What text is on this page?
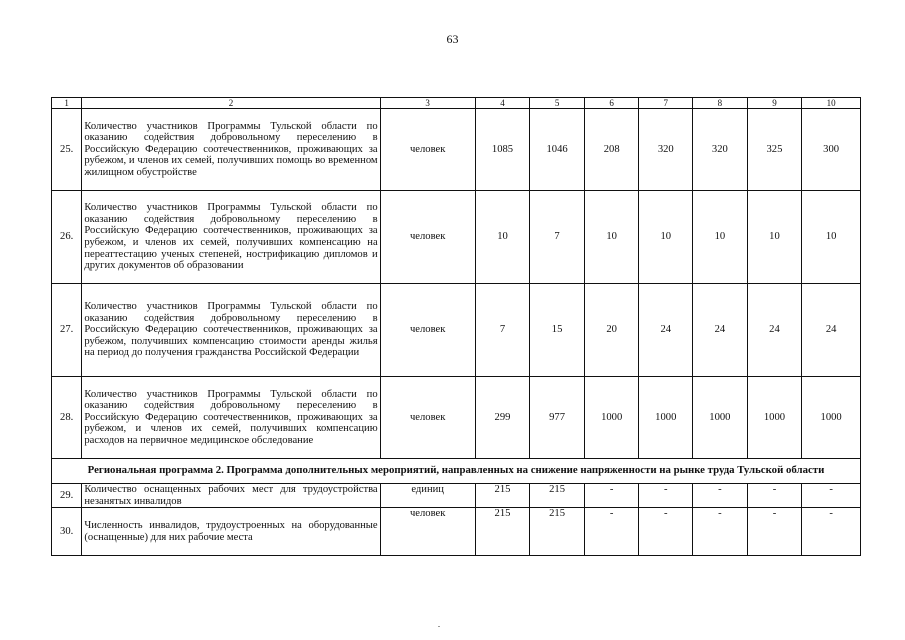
63
1	2	3	4	5	6	7	8	9	10
25.	Количество участников Программы Тульской области по оказанию содействия добровольному переселению в Российскую Федерацию соотечественников, проживающих за рубежом, и членов их семей, получивших помощь во временном жилищном обустройстве	человек	1085	1046	208	320	320	325	300
26.	Количество участников Программы Тульской области по оказанию содействия добровольному переселению в Российскую Федерацию соотечественников, проживающих за рубежом, и членов их семей, получивших компенсацию на переаттестацию ученых степеней, нострификацию дипломов и других документов об образовании	человек	10	7	10	10	10	10	10
27.	Количество участников Программы Тульской области по оказанию содействия добровольному переселению в Российскую Федерацию соотечественников, проживающих за рубежом, получивших компенсацию стоимости аренды жилья на период до получения гражданства Российской Федерации	человек	7	15	20	24	24	24	24
28.	Количество участников Программы Тульской области по оказанию содействия добровольному переселению в Российскую Федерацию соотечественников, проживающих за рубежом, и членов их семей, получивших компенсацию расходов на первичное медицинское обследование	человек	299	977	1000	1000	1000	1000	1000
Региональная программа 2. Программа дополнительных мероприятий, направленных на снижение напряженности на рынке труда Тульской области									
29.	Количество оснащенных рабочих мест для трудоустройства незанятых инвалидов	единиц	215	215	-	-	-	-	-
30.	Численность инвалидов, трудоустроенных на оборудованные (оснащенные) для них рабочие места	человек	215	215	-	-	-	-	-
